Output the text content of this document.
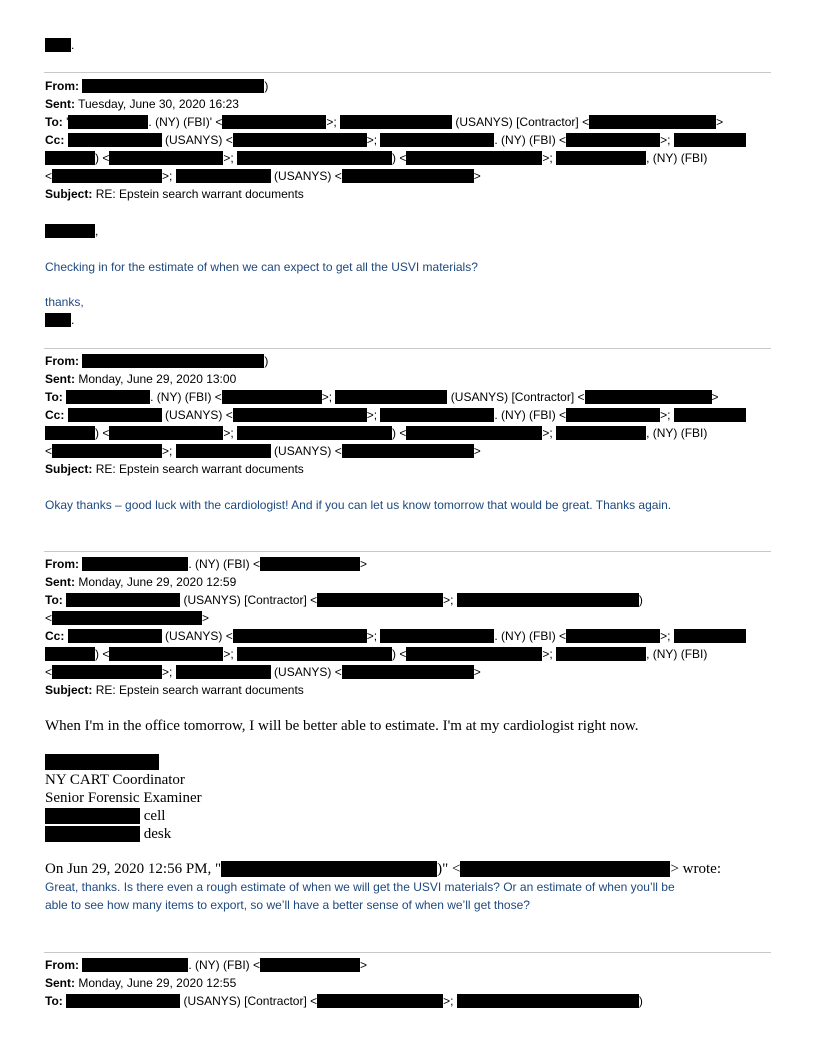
.
From:	)
Sent: Tuesday, June 30, 2020 16:23
To: '	. (NY) (FBI)' <	>;	(USANYS) [Contractor] <	>
Cc:	(USANYS) <	>;	. (NY) (FBI) <	>;
) <	>;	) <	>;	, (NY) (FBI)
<	>;	(USANYS) <	>
Subject: RE: Epstein search warrant documents
,
Checking in for the estimate of when we can expect to get all the USVI materials?
thanks,
.
From:	)
Sent: Monday, June 29, 2020 13:00
To:	. (NY) (FBI) <	>;	(USANYS) [Contractor] <	>
Cc:	(USANYS) <	>;	. (NY) (FBI) <	>;
) <	>;	) <	>;	, (NY) (FBI)
<	>;	(USANYS) <	>
Subject: RE: Epstein search warrant documents
Okay thanks – good luck with the cardiologist! And if you can let us know tomorrow that would be great. Thanks again.
From:	. (NY) (FBI) <	>
Sent: Monday, June 29, 2020 12:59
To:	(USANYS) [Contractor] <	>;	)
<	>
Cc:	(USANYS) <	>;	. (NY) (FBI) <	>;
) <	>;	) <	>;	, (NY) (FBI)
<	>;	(USANYS) <	>
Subject: RE: Epstein search warrant documents
When I'm in the office tomorrow, I will be better able to estimate. I'm at my cardiologist right now.
NY CART Coordinator
Senior Forensic Examiner
cell
desk
On Jun 29, 2020 12:56 PM, "	)" <	> wrote:
Great, thanks. Is there even a rough estimate of when we will get the USVI materials? Or an estimate of when you’ll be
able to see how many items to export, so we’ll have a better sense of when we’ll get those?
From:	. (NY) (FBI) <	>
Sent: Monday, June 29, 2020 12:55
To:	(USANYS) [Contractor] <	>;	)
